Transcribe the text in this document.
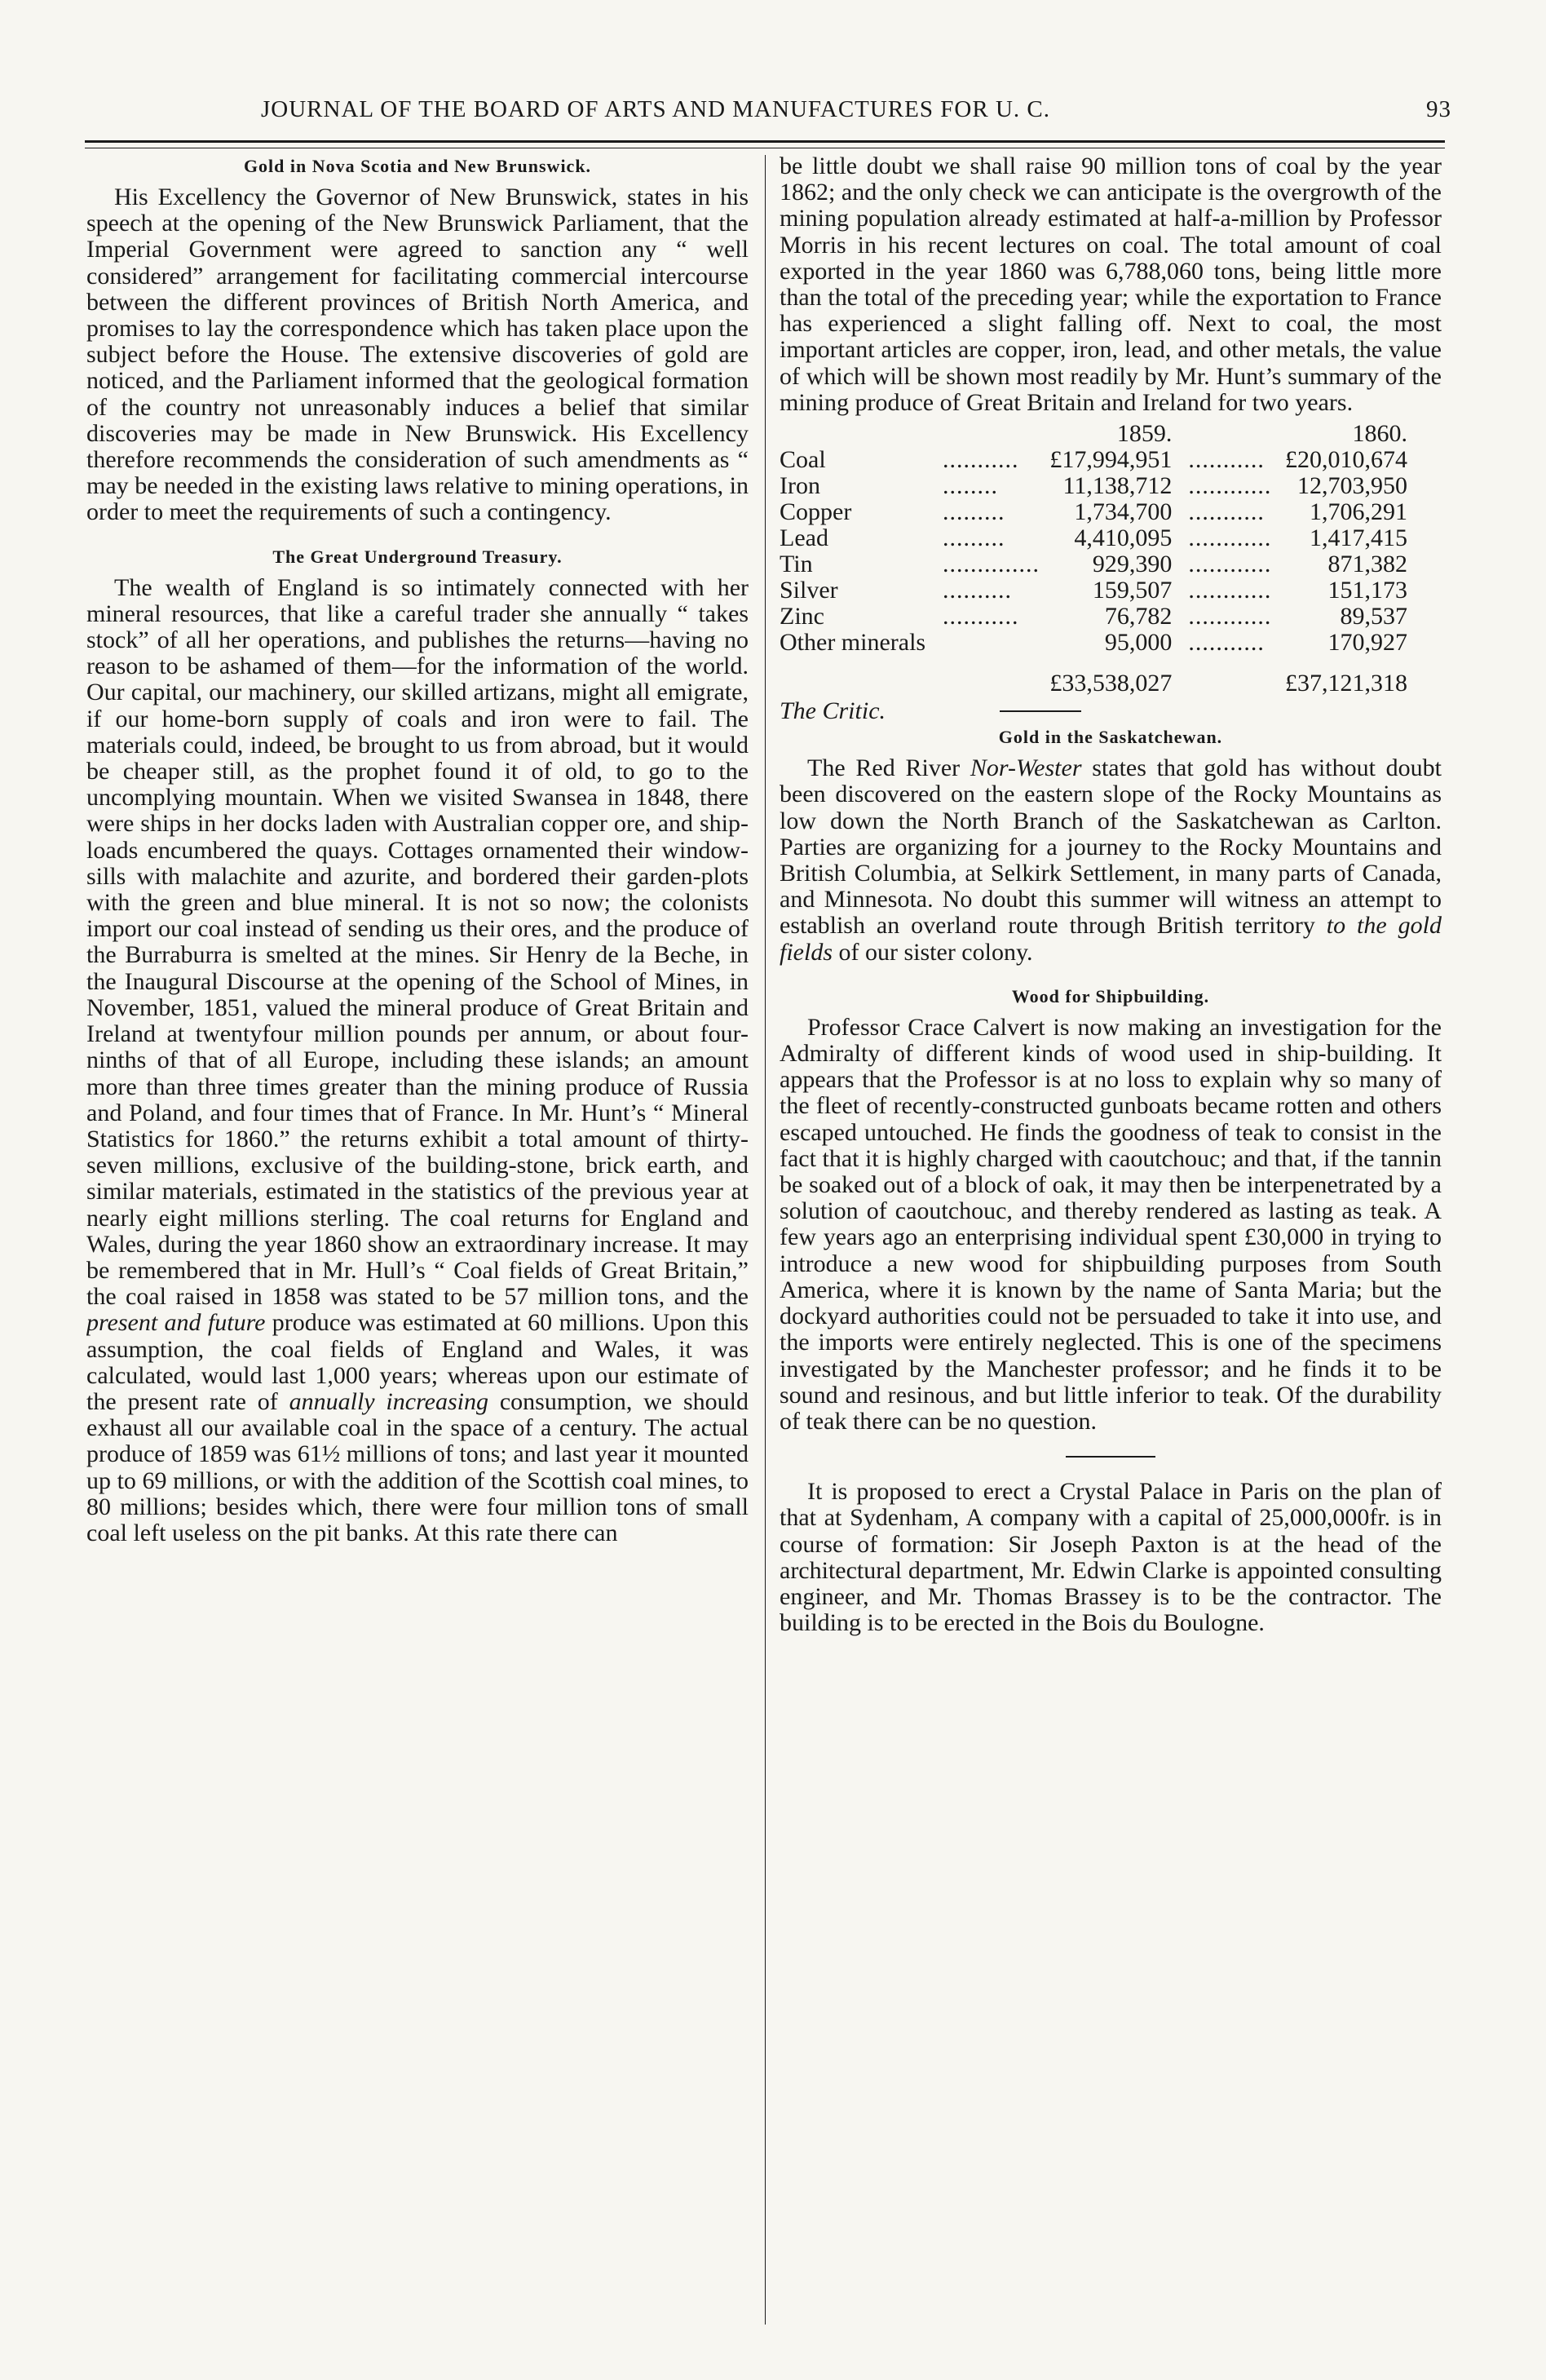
JOURNAL OF THE BOARD OF ARTS AND MANUFACTURES FOR U. C.	93
Gold in Nova Scotia and New Brunswick.

His Excellency the Governor of New Brunswick, states in his speech at the opening of the New Brunswick Parliament, that the Imperial Government were agreed to sanction any “ well considered” arrangement for facilitating commercial intercourse between the different provinces of British North America, and promises to lay the correspondence which has taken place upon the subject before the House. The extensive discoveries of gold are noticed, and the Parliament informed that the geological formation of the country not unreasonably induces a belief that similar discoveries may be made in New Brunswick. His Excellency therefore recommends the consideration of such amendments as “ may be needed in the existing laws relative to mining operations, in order to meet the requirements of such a contingency.

The Great Underground Treasury.

The wealth of England is so intimately connected with her mineral resources, that like a careful trader she annually “ takes stock” of all her operations, and publishes the returns—having no reason to be ashamed of them—for the information of the world. Our capital, our machinery, our skilled artizans, might all emigrate, if our home-born supply of coals and iron were to fail. The materials could, indeed, be brought to us from abroad, but it would be cheaper still, as the prophet found it of old, to go to the uncomplying mountain. When we visited Swansea in 1848, there were ships in her docks laden with Australian copper ore, and ship-loads encumbered the quays. Cottages ornamented their window-sills with malachite and azurite, and bordered their garden-plots with the green and blue mineral. It is not so now; the colonists import our coal instead of sending us their ores, and the produce of the Burraburra is smelted at the mines. Sir Henry de la Beche, in the Inaugural Discourse at the opening of the School of Mines, in November, 1851, valued the mineral produce of Great Britain and Ireland at twentyfour million pounds per annum, or about four-ninths of that of all Europe, including these islands; an amount more than three times greater than the mining produce of Russia and Poland, and four times that of France. In Mr. Hunt’s “ Mineral Statistics for 1860.” the returns exhibit a total amount of thirty-seven millions, exclusive of the building-stone, brick earth, and similar materials, estimated in the statistics of the previous year at nearly eight millions sterling. The coal returns for England and Wales, during the year 1860 show an extraordinary increase. It may be remembered that in Mr. Hull’s “ Coal fields of Great Britain,” the coal raised in 1858 was stated to be 57 million tons, and the present and future produce was estimated at 60 millions. Upon this assumption, the coal fields of England and Wales, it was calculated, would last 1,000 years; whereas upon our estimate of the present rate of annually increasing consumption, we should exhaust all our available coal in the space of a century. The actual produce of 1859 was 61½ millions of tons; and last year it mounted up to 69 millions, or with the addition of the Scottish coal mines, to 80 millions; besides which, there were four million tons of small coal left useless on the pit banks. At this rate there can

be little doubt we shall raise 90 million tons of coal by the year 1862; and the only check we can anticipate is the overgrowth of the mining population already estimated at half-a-million by Professor Morris in his recent lectures on coal. The total amount of coal exported in the year 1860 was 6,788,060 tons, being little more than the total of the preceding year; while the exportation to France has experienced a slight falling off. Next to coal, the most important articles are copper, iron, lead, and other metals, the value of which will be shown most readily by Mr. Hunt’s summary of the mining produce of Great Britain and Ireland for two years.

		1859.		1860.
Coal	...........	£17,994,951	...........	£20,010,674
Iron	........	11,138,712	............	12,703,950
Copper	.........	1,734,700	...........	1,706,291
Lead	.........	4,410,095	............	1,417,415
Tin	..............	929,390	............	871,382
Silver	..........	159,507	............	151,173
Zinc	...........	76,782	............	89,537
Other minerals		95,000	...........	170,927
		£33,538,027		£37,121,318
The Critic.
Gold in the Saskatchewan.

The Red River Nor-Wester states that gold has without doubt been discovered on the eastern slope of the Rocky Mountains as low down the North Branch of the Saskatchewan as Carlton. Parties are organizing for a journey to the Rocky Mountains and British Columbia, at Selkirk Settlement, in many parts of Canada, and Minnesota. No doubt this summer will witness an attempt to establish an overland route through British territory to the gold fields of our sister colony.

Wood for Shipbuilding.

Professor Crace Calvert is now making an investigation for the Admiralty of different kinds of wood used in ship-building. It appears that the Professor is at no loss to explain why so many of the fleet of recently-constructed gunboats became rotten and others escaped untouched. He finds the goodness of teak to consist in the fact that it is highly charged with caoutchouc; and that, if the tannin be soaked out of a block of oak, it may then be interpenetrated by a solution of caoutchouc, and thereby rendered as lasting as teak. A few years ago an enterprising individual spent £30,000 in trying to introduce a new wood for shipbuilding purposes from South America, where it is known by the name of Santa Maria; but the dockyard authorities could not be persuaded to take it into use, and the imports were entirely neglected. This is one of the specimens investigated by the Manchester professor; and he finds it to be sound and resinous, and but little inferior to teak. Of the durability of teak there can be no question.

It is proposed to erect a Crystal Palace in Paris on the plan of that at Sydenham, A company with a capital of 25,000,000fr. is in course of formation: Sir Joseph Paxton is at the head of the architectural department, Mr. Edwin Clarke is appointed consulting engineer, and Mr. Thomas Brassey is to be the contractor. The building is to be erected in the Bois du Boulogne.
